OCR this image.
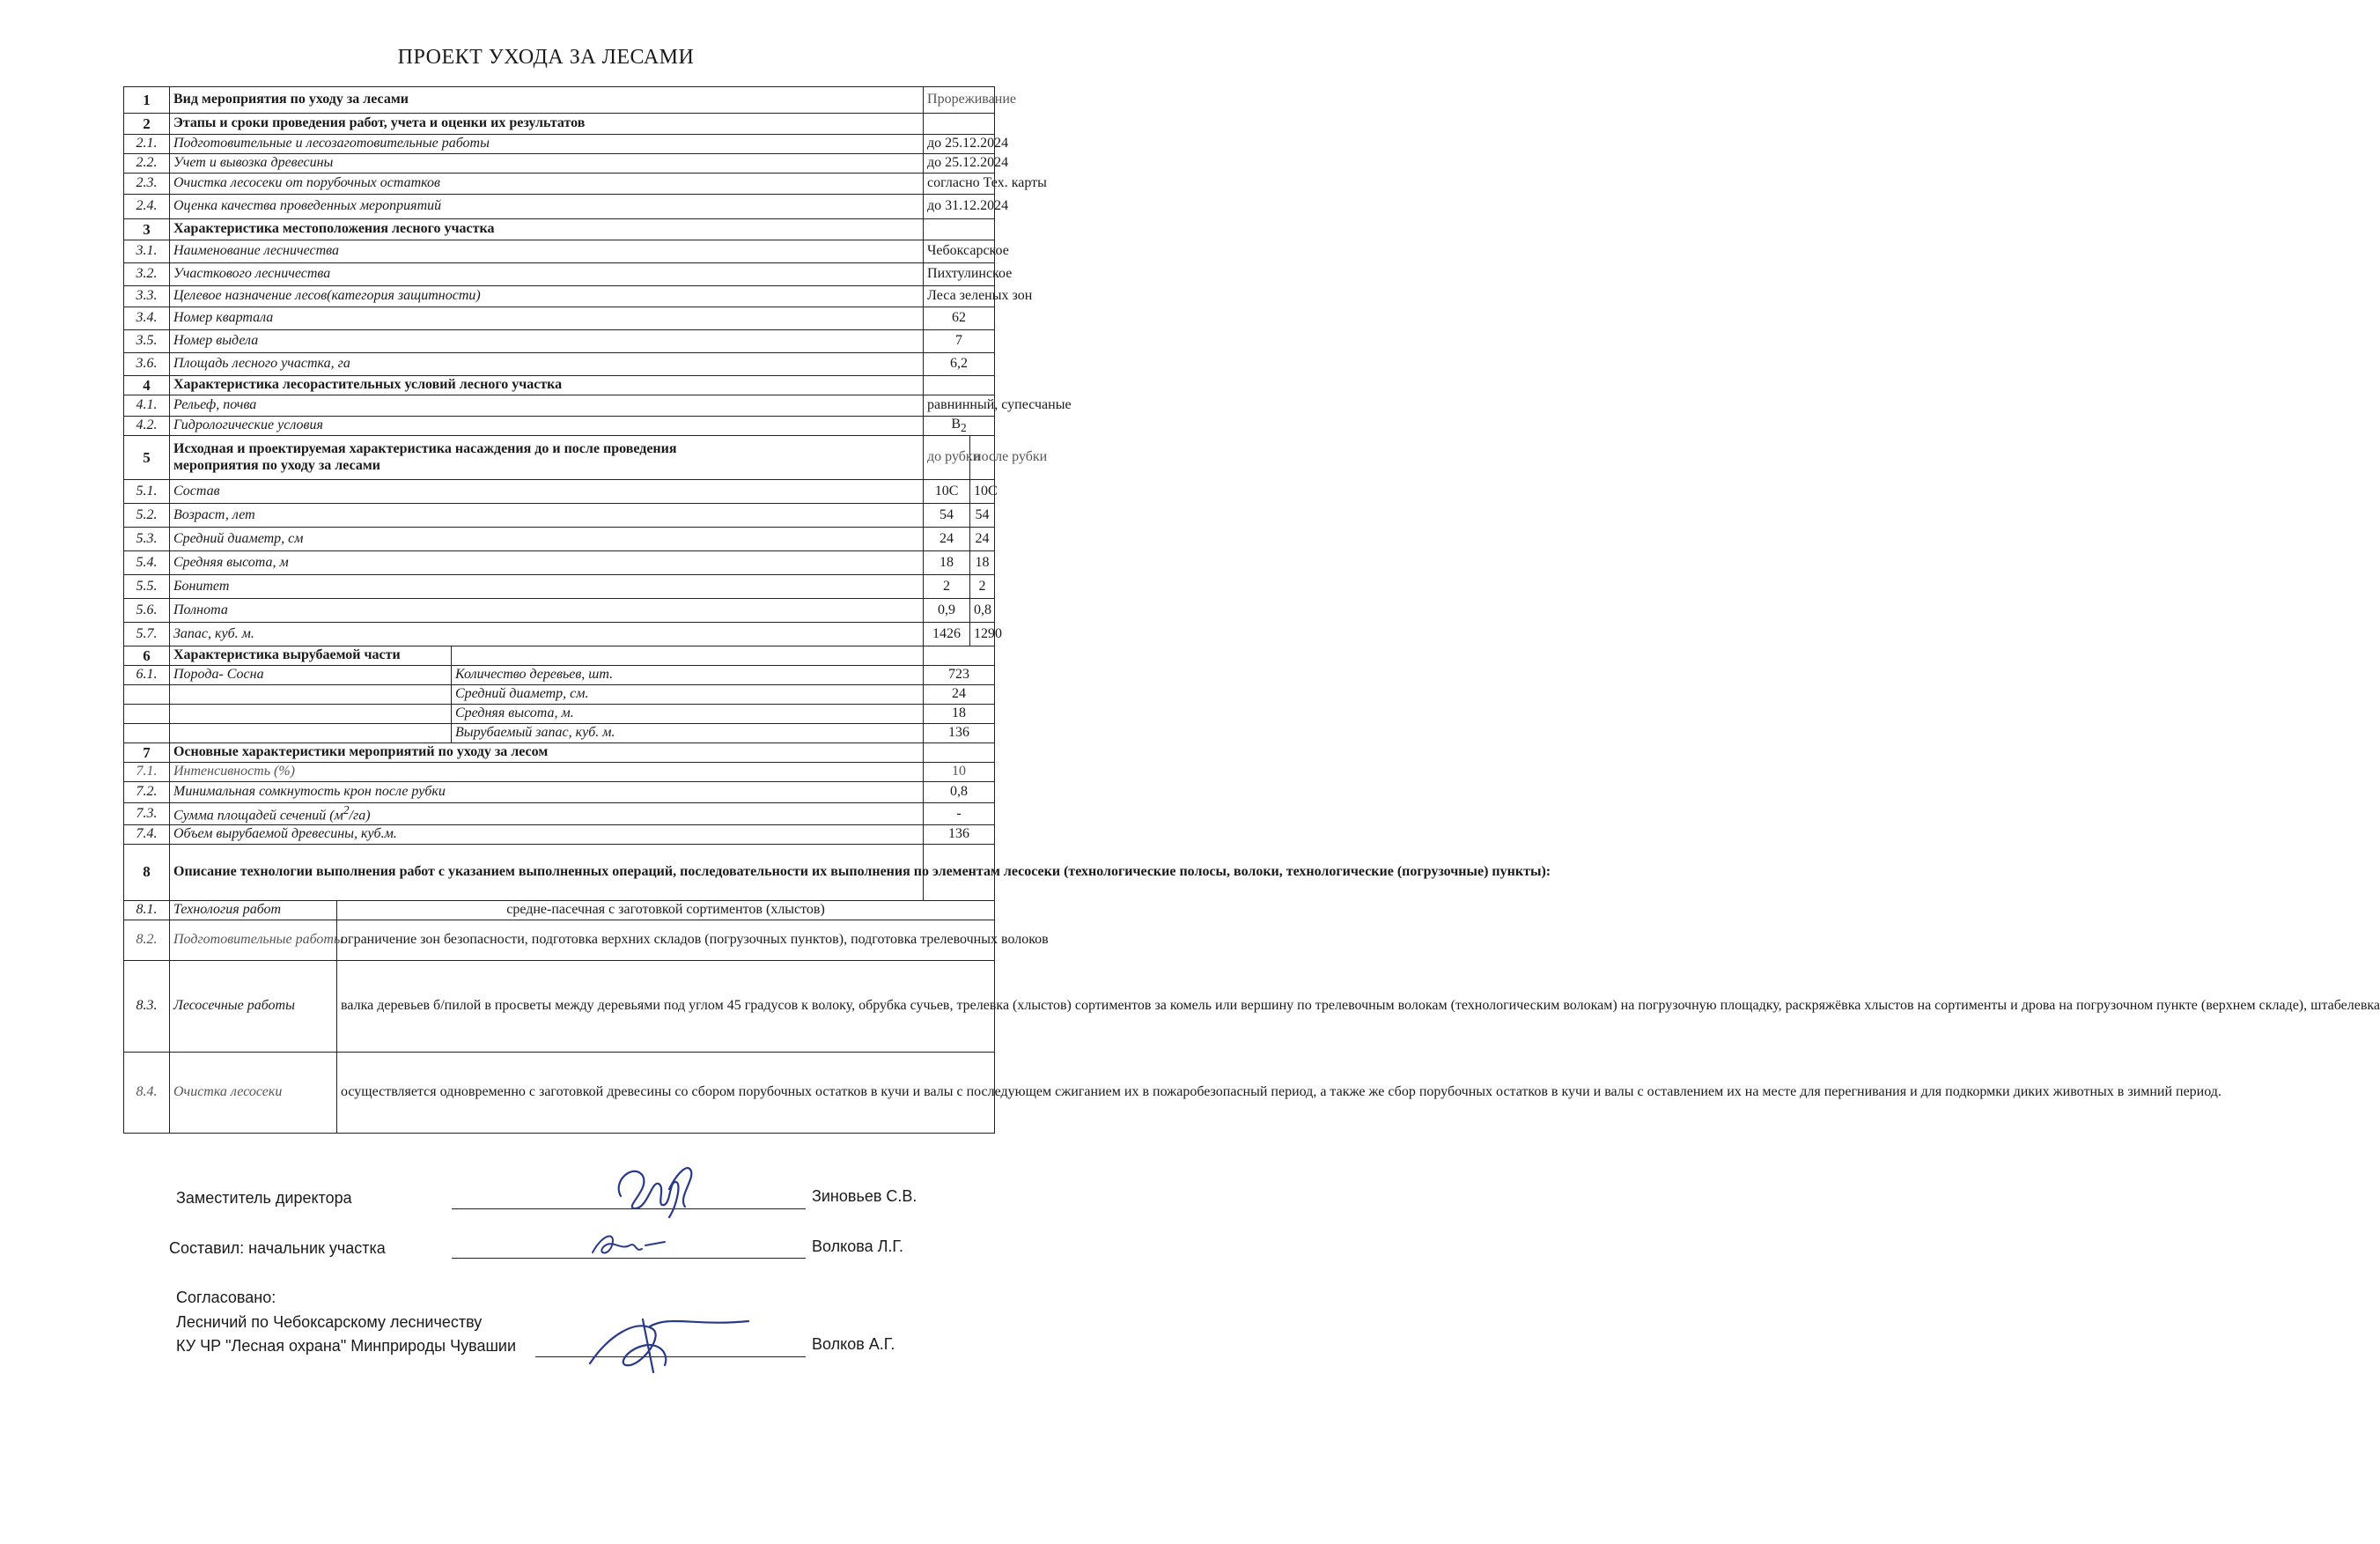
ПРОЕКТ УХОДА ЗА ЛЕСАМИ
1	Вид мероприятия по уходу за лесами			Прореживание	
2	Этапы и сроки проведения работ, учета и оценки их результатов				
2.1.	Подготовительные и лесозаготовительные работы			до 25.12.2024	
2.2.	Учет и вывозка древесины			до 25.12.2024	
2.3.	Очистка лесосеки от порубочных остатков			согласно Тех. карты	
2.4.	Оценка качества проведенных мероприятий			до 31.12.2024	
3	Характеристика местоположения лесного участка				
3.1.	Наименование лесничества			Чебоксарское	
3.2.	Участкового лесничества			Пихтулинское	
3.3.	Целевое назначение лесов(категория защитности)			Леса зеленых зон	
3.4.	Номер квартала			62	
3.5.	Номер выдела			7	
3.6.	Площадь лесного участка, га			6,2	
4	Характеристика лесорастительных условий лесного участка				
4.1.	Рельеф, почва			равнинный, супесчаные	
4.2.	Гидрологические условия			$В_2$
5	Исходная и проектируемая характеристика насаждения до и после проведения
мероприятия по уходу за лесами			до рубки	после рубки
5.1.	Состав			10С	10С
5.2.	Возраст, лет			54	54
5.3.	Средний диаметр, см			24	24
5.4.	Средняя высота, м			18	18
5.5.	Бонитет			2	2
5.6.	Полнота			0,9	0,8
5.7.	Запас, куб. м.			1426	1290
6	Характеристика вырубаемой части				
6.1.	Порода- Сосна		Количество деревьев, шт.	723	
			Средний диаметр, см.	24	
			Средняя высота, м.	18	
			Вырубаемый запас, куб. м.	136	
7	Основные характеристики мероприятий по уходу за лесом				
7.1.	Интенсивность (%)			10	
7.2.	Минимальная сомкнутость крон после рубки			0,8	
7.3.	Сумма площадей сечений $(м^2/га)$			-	
7.4.	Объем вырубаемой древесины, куб.м.			136	
8	Описание технологии выполнения работ с указанием выполненных операций, последовательности их выполнения по элементам лесосеки (технологические полосы, волоки, технологические (погрузочные) пункты):				
8.1.	Технология работ	средне-пасечная с заготовкой сортиментов (хлыстов)			
8.2.	Подготовительные работы	ограничение зон безопасности, подготовка верхних складов (погрузочных пунктов), подготовка трелевочных волоков			
8.3.	Лесосечные работы	валка деревьев б/пилой в просветы между деревьями под углом 45 градусов к волоку, обрубка сучьев, трелевка (хлыстов) сортиментов за комель или вершину по трелевочным волокам (технологическим волокам) на погрузочную площадку, раскряжёвка хлыстов на сортименты и дрова на погрузочном пункте (верхнем складе), штабелевка			
8.4.	Очистка лесосеки	осуществляется одновременно с заготовкой древесины со сбором порубочных остатков в кучи и валы с последующем сжиганием их в пожаробезопасный период, а также же сбор порубочных остатков в кучи и валы с оставлением их на месте для перегнивания и для подкормки диких животных в зимний период.			
Заместитель директора	Зиновьев С.В.
Составил: начальник участка	Волкова Л.Г.
Согласовано:
Лесничий по Чебоксарскому лесничеству
КУ ЧР "Лесная охрана" Минприроды Чувашии	Волков А.Г.
